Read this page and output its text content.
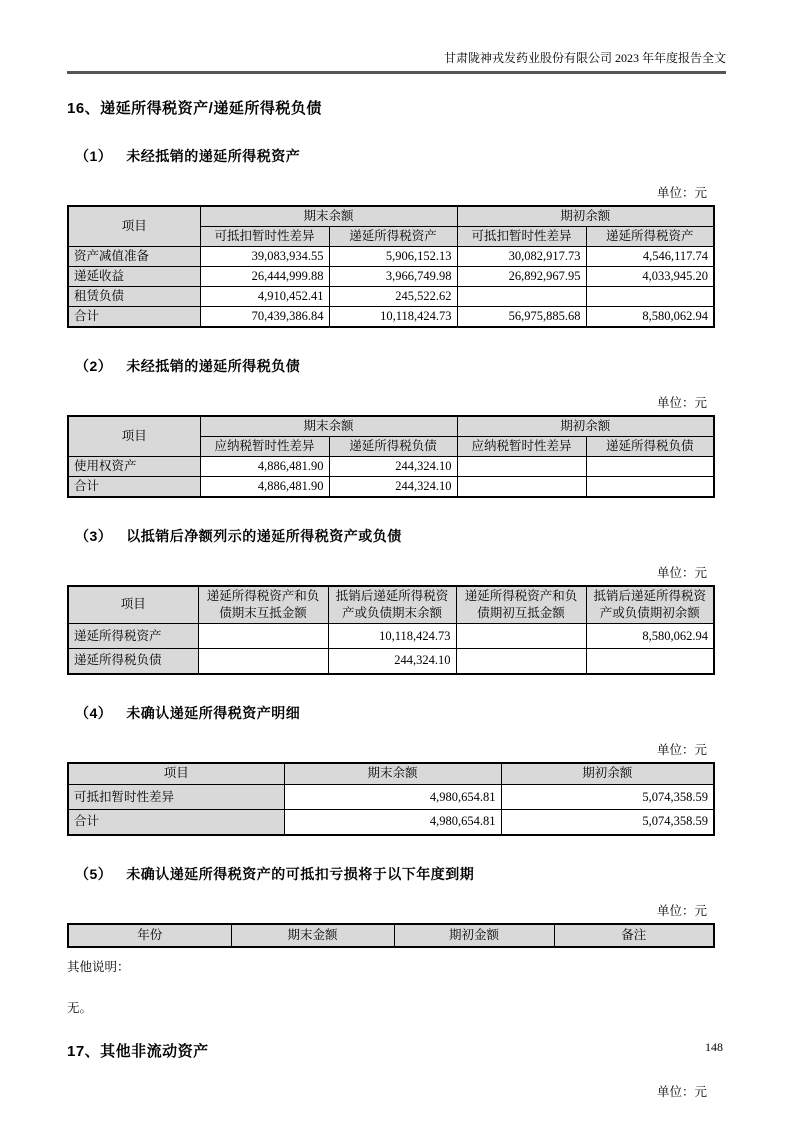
甘肃陇神戎发药业股份有限公司 2023 年年度报告全文
16、递延所得税资产/递延所得税负债
（1） 未经抵销的递延所得税资产
单位：元
项目	期末余额		期初余额	
	可抵扣暂时性差异	递延所得税资产	可抵扣暂时性差异	递延所得税资产
资产减值准备	39,083,934.55	5,906,152.13	30,082,917.73	4,546,117.74
递延收益	26,444,999.88	3,966,749.98	26,892,967.95	4,033,945.20
租赁负债	4,910,452.41	245,522.62		
合计	70,439,386.84	10,118,424.73	56,975,885.68	8,580,062.94
（2） 未经抵销的递延所得税负债
单位：元
项目	期末余额		期初余额	
	应纳税暂时性差异	递延所得税负债	应纳税暂时性差异	递延所得税负债
使用权资产	4,886,481.90	244,324.10		
合计	4,886,481.90	244,324.10		
（3） 以抵销后净额列示的递延所得税资产或负债
单位：元
项目	递延所得税资产和负债期末互抵金额	抵销后递延所得税资产或负债期末余额	递延所得税资产和负债期初互抵金额	抵销后递延所得税资产或负债期初余额
递延所得税资产		10,118,424.73		8,580,062.94
递延所得税负债		244,324.10		
（4） 未确认递延所得税资产明细
单位：元
项目	期末余额	期初余额
可抵扣暂时性差异	4,980,654.81	5,074,358.59
合计	4,980,654.81	5,074,358.59
（5） 未确认递延所得税资产的可抵扣亏损将于以下年度到期
单位：元
年份	期末金额	期初金额	备注

其他说明：

无。

17、其他非流动资产
单位：元
148
